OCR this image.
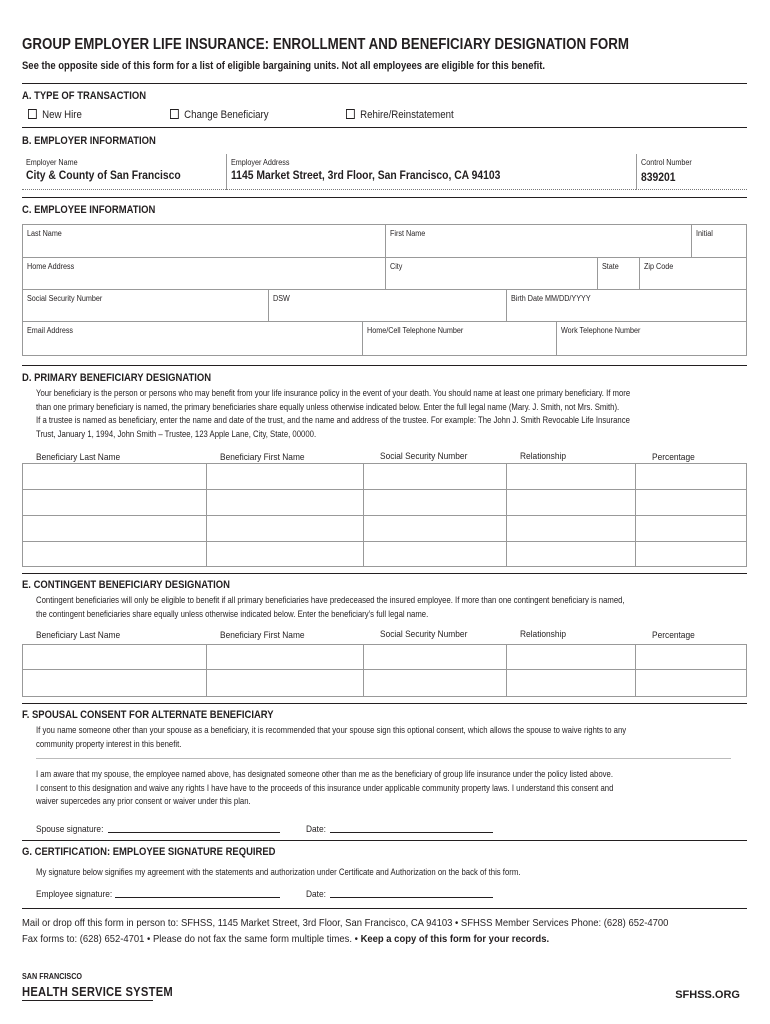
GROUP EMPLOYER LIFE INSURANCE: ENROLLMENT AND BENEFICIARY DESIGNATION FORM
See the opposite side of this form for a list of eligible bargaining units. Not all employees are eligible for this benefit.
A. TYPE OF TRANSACTION
New Hire	Change Beneficiary	Rehire/Reinstatement
B. EMPLOYER INFORMATION
Employer Name
City & County of San Francisco
Employer Address
1145 Market Street, 3rd Floor, San Francisco, CA 94103
Control Number
839201
C. EMPLOYEE INFORMATION
Last Name	First Name	Initial
Home Address	City	State	Zip Code
Social Security Number	DSW	Birth Date MM/DD/YYYY
Email Address	Home/Cell Telephone Number	Work Telephone Number
D. PRIMARY BENEFICIARY DESIGNATION
Your beneficiary is the person or persons who may benefit from your life insurance policy in the event of your death. You should name at least one primary beneficiary. If more
than one primary beneficiary is named, the primary beneficiaries share equally unless otherwise indicated below. Enter the full legal name (Mary. J. Smith, not Mrs. Smith).
If a trustee is named as beneficiary, enter the name and date of the trust, and the name and address of the trustee. For example: The John J. Smith Revocable Life Insurance
Trust, January 1, 1994, John Smith – Trustee, 123 Apple Lane, City, State, 00000.
Beneficiary Last Name	Beneficiary First Name	Social Security Number	Relationship	Percentage
E. CONTINGENT BENEFICIARY DESIGNATION
Contingent beneficiaries will only be eligible to benefit if all primary beneficiaries have predeceased the insured employee. If more than one contingent beneficiary is named,
the contingent beneficiaries share equally unless otherwise indicated below. Enter the beneficiary’s full legal name.
Beneficiary Last Name	Beneficiary First Name	Social Security Number	Relationship	Percentage
F. SPOUSAL CONSENT FOR ALTERNATE BENEFICIARY
If you name someone other than your spouse as a beneficiary, it is recommended that your spouse sign this optional consent, which allows the spouse to waive rights to any
community property interest in this benefit.
I am aware that my spouse, the employee named above, has designated someone other than me as the beneficiary of group life insurance under the policy listed above.
I consent to this designation and waive any rights I have have to the proceeds of this insurance under applicable community property laws. I understand this consent and
waiver supercedes any prior consent or waiver under this plan.
Spouse signature:	Date:
G. CERTIFICATION: EMPLOYEE SIGNATURE REQUIRED
My signature below signifies my agreement with the statements and authorization under Certificate and Authorization on the back of this form.
Employee signature:	Date:
Mail or drop off this form in person to: SFHSS, 1145 Market Street, 3rd Floor, San Francisco, CA 94103 • SFHSS Member Services Phone: (628) 652-4700
Fax forms to: (628) 652-4701 • Please do not fax the same form multiple times. • Keep a copy of this form for your records.
SAN FRANCISCO
HEALTH SERVICE SYSTEM	SFHSS.ORG
